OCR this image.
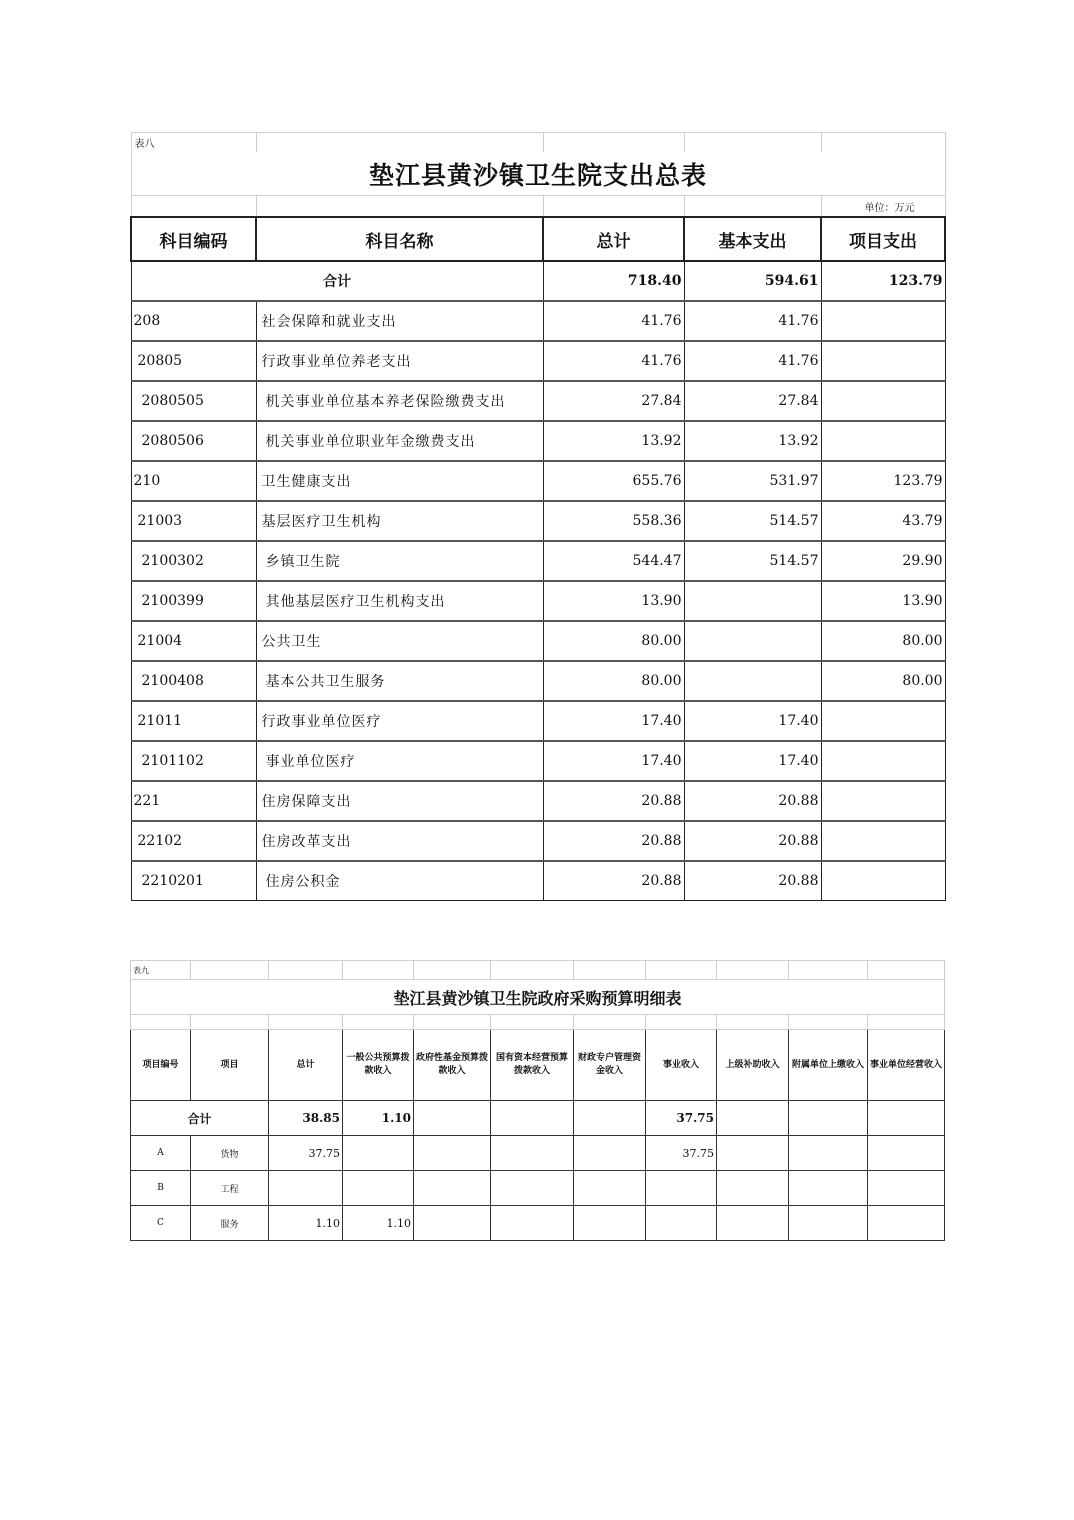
表八				
垫江县黄沙镇卫生院支出总表				
				单位：万元
科目编码	科目名称	总计	基本支出	项目支出
合计		718.40	594.61	123.79
208	社会保障和就业支出	41.76	41.76	
20805	行政事业单位养老支出	41.76	41.76	
2080505	机关事业单位基本养老保险缴费支出	27.84	27.84	
2080506	机关事业单位职业年金缴费支出	13.92	13.92	
210	卫生健康支出	655.76	531.97	123.79
21003	基层医疗卫生机构	558.36	514.57	43.79
2100302	乡镇卫生院	544.47	514.57	29.90
2100399	其他基层医疗卫生机构支出	13.90		13.90
21004	公共卫生	80.00		80.00
2100408	基本公共卫生服务	80.00		80.00
21011	行政事业单位医疗	17.40	17.40	
2101102	事业单位医疗	17.40	17.40	
221	住房保障支出	20.88	20.88	
22102	住房改革支出	20.88	20.88	
2210201	住房公积金	20.88	20.88	
表九										
垫江县黄沙镇卫生院政府采购预算明细表										

项目编号	项目	总计	一般公共预算拨款收入	政府性基金预算拨款收入	国有资本经营预算拨款收入	财政专户管理资金收入	事业收入	上级补助收入	附属单位上缴收入	事业单位经营收入
合计		38.85	1.10				37.75			
A	货物	37.75					37.75			
B	工程									
C	服务	1.10	1.10							
